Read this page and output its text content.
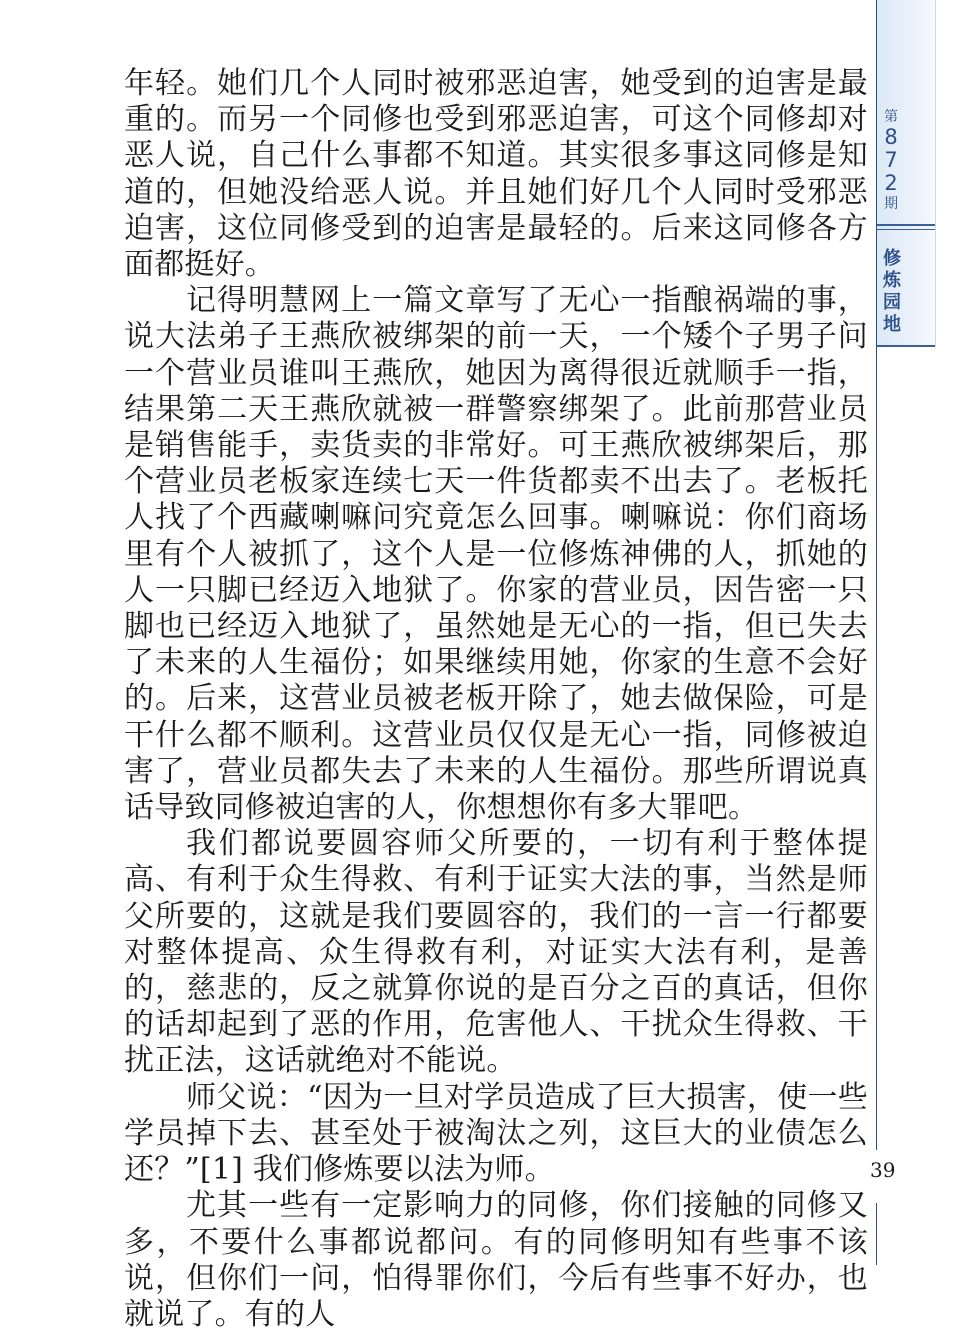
第
8
7
2
期
修
炼
园
地

年轻。她们几个人同时被邪恶迫害，她受到的迫害是最重的。而另一个同修也受到邪恶迫害，可这个同修却对恶人说，自己什么事都不知道。其实很多事这同修是知道的，但她没给恶人说。并且她们好几个人同时受邪恶迫害，这位同修受到的迫害是最轻的。后来这同修各方面都挺好。

记得明慧网上一篇文章写了无心一指酿祸端的事，说大法弟子王燕欣被绑架的前一天，一个矮个子男子问一个营业员谁叫王燕欣，她因为离得很近就顺手一指，结果第二天王燕欣就被一群警察绑架了。此前那营业员是销售能手，卖货卖的非常好。可王燕欣被绑架后，那个营业员老板家连续七天一件货都卖不出去了。老板托人找了个西藏喇嘛问究竟怎么回事。喇嘛说：你们商场里有个人被抓了，这个人是一位修炼神佛的人，抓她的人一只脚已经迈入地狱了。你家的营业员，因告密一只脚也已经迈入地狱了，虽然她是无心的一指，但已失去了未来的人生福份；如果继续用她，你家的生意不会好的。后来，这营业员被老板开除了，她去做保险，可是干什么都不顺利。这营业员仅仅是无心一指，同修被迫害了，营业员都失去了未来的人生福份。那些所谓说真话导致同修被迫害的人，你想想你有多大罪吧。

我们都说要圆容师父所要的，一切有利于整体提高、有利于众生得救、有利于证实大法的事，当然是师父所要的，这就是我们要圆容的，我们的一言一行都要对整体提高、众生得救有利，对证实大法有利，是善的，慈悲的，反之就算你说的是百分之百的真话，但你的话却起到了恶的作用，危害他人、干扰众生得救、干扰正法，这话就绝对不能说。

师父说：“因为一旦对学员造成了巨大损害，使一些学员掉下去、甚至处于被淘汰之列，这巨大的业债怎么还？”[1] 我们修炼要以法为师。

尤其一些有一定影响力的同修，你们接触的同修又多，不要什么事都说都问。有的同修明知有些事不该说，但你们一问，怕得罪你们，今后有些事不好办，也就说了。有的人

39
